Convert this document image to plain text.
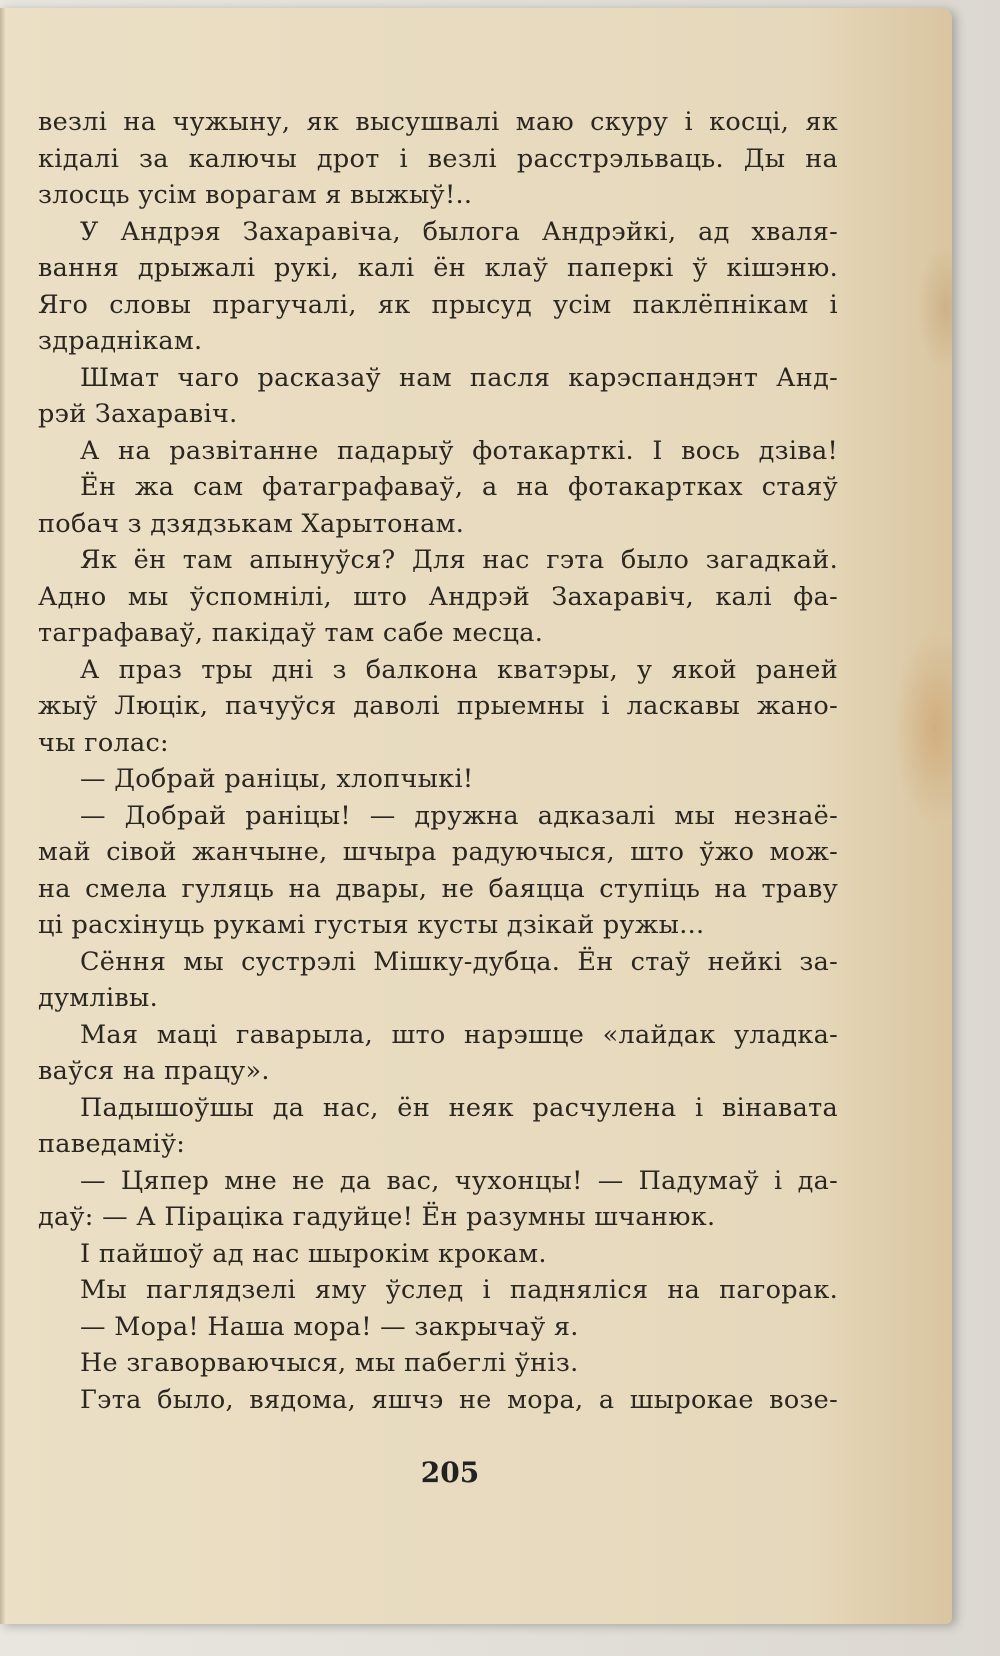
везлі на чужыну, як высушвалі маю скуру і косці, як
кідалі за калючы дрот і везлі расстрэльваць. Ды на
злосць усім ворагам я выжыў!..
У Андрэя Захаравіча, былога Андрэйкі, ад хваля-
вання дрыжалі рукі, калі ён клаў паперкі ў кішэню.
Яго словы прагучалі, як прысуд усім паклёпнікам і
здраднікам.
Шмат чаго расказаў нам пасля карэспандэнт Анд-
рэй Захаравіч.
А на развітанне падарыў фотакарткі. І вось дзіва!
Ён жа сам фатаграфаваў, а на фотакартках стаяў
побач з дзядзькам Харытонам.
Як ён там апынуўся? Для нас гэта было загадкай.
Адно мы ўспомнілі, што Андрэй Захаравіч, калі фа-
таграфаваў, пакідаў там сабе месца.
А праз тры дні з балкона кватэры, у якой раней
жыў Люцік, пачуўся даволі прыемны і ласкавы жано-
чы голас:
— Добрай раніцы, хлопчыкі!
— Добрай раніцы! — дружна адказалі мы незнаё-
май сівой жанчыне, шчыра радуючыся, што ўжо мож-
на смела гуляць на двары, не баяцца ступіць на траву
ці расхінуць рукамі густыя кусты дзікай ружы...
Сёння мы сустрэлі Мішку-дубца. Ён стаў нейкі за-
думлівы.
Мая маці гаварыла, што нарэшце «лайдак уладка-
ваўся на працу».
Падышоўшы да нас, ён неяк расчулена і вінавата
паведаміў:
— Цяпер мне не да вас, чухонцы! — Падумаў і да-
даў: — А Пірацікa гадуйце! Ён разумны шчанюк.
І пайшоў ад нас шырокім крокам.
Мы паглядзелі яму ўслед і падняліся на пагорак.
— Мора! Наша мора! — закрычаў я.
Не згаворваючыся, мы пабеглі ўніз.
Гэта было, вядома, яшчэ не мора, а шырокае возе-
205
